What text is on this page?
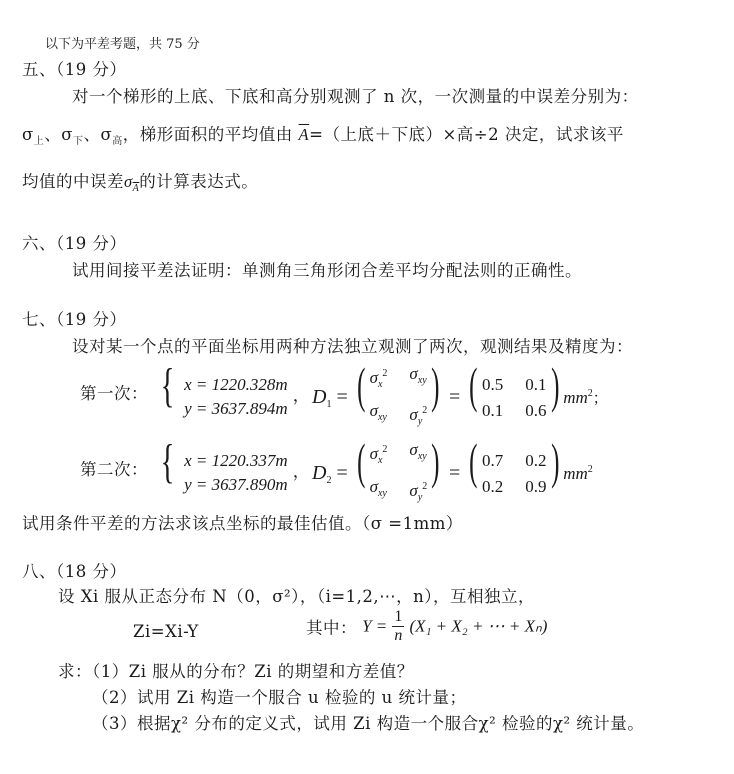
以下为平差考题，共 75 分
五、（19 分）
对一个梯形的上底、下底和高分别观测了 n 次，一次测量的中误差分别为：
$\sigma_上$、$\sigma_下$、$\sigma_高$，梯形面积的平均值由 $\overline{A}=$（上底＋下底）×高÷2 决定，试求该平
均值的中误差$\sigma_{\overline{A}}$的计算表达式。
六、（19 分）
试用间接平差法证明：单测角三角形闭合差平均分配法则的正确性。
七、（19 分）
设对某一个点的平面坐标用两种方法独立观测了两次，观测结果及精度为：
第一次： { x = 1220.328m
y = 3637.894m
， $D_1$ = ( $\sigma_x^2$ $\sigma_{xy}$
$\sigma_{xy}$ $\sigma_y^2$ ) = ( 0.5 0.1
0.1 0.6 ) $mm^2$；
第二次： { x = 1220.337m
y = 3637.890m
， $D_2$ = ( $\sigma_x^2$ $\sigma_{xy}$
$\sigma_{xy}$ $\sigma_y^2$ ) = ( 0.7 0.2
0.2 0.9 ) $mm^2$
试用条件平差的方法求该点坐标的最佳估值。（σ =1mm）
八、（18 分）
设 Xi 服从正态分布 N（0，σ²），（i=1,2,⋯，n），互相独立，
Zi=Xi-Y	其中： $Y = \frac{1}{n} (X_1 + X_2$ + ⋯ + Xₙ)
求：（1）Zi 服从的分布？Zi 的期望和方差值？
（2）试用 Zi 构造一个服合 u 检验的 u 统计量；
（3）根据χ² 分布的定义式，试用 Zi 构造一个服合χ² 检验的χ² 统计量。
